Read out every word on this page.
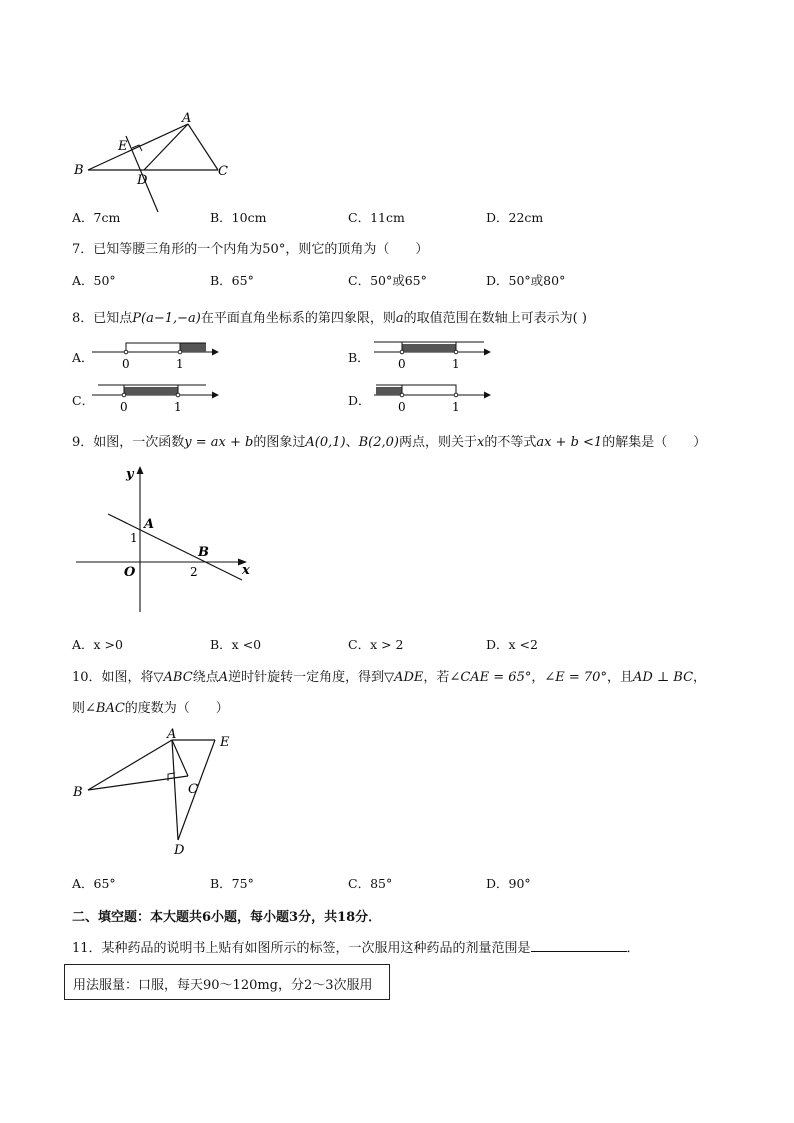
A
B	C
D
E
A．7cm	B．10cm	C．11cm	D．22cm
7．已知等腰三角形的一个内角为50°，则它的顶角为（　　）
A．50°	B．65°	C．50°或65°	D．50°或80°
8．已知点P(a−1,−a)在平面直角坐标系的第四象限，则a的取值范围在数轴上可表示为( )
A． 0	1	B． 0	1
C． 0	1	D． 0	1
9．如图，一次函数y = ax + b的图象过A(0,1)、B(2,0)两点，则关于x的不等式ax + b <1的解集是（　　）
y
x
O
A
B
1
2
A．x >0	B．x <0	C．x > 2	D．x <2
10．如图，将▽ABC绕点A逆时针旋转一定角度，得到▽ADE，若∠CAE = 65°，∠E = 70°，且AD ⊥ BC，
则∠BAC的度数为（　　）
A
B	C
D
E
A．65°	B．75°	C．85°	D．90°
二、填空题：本大题共6小题，每小题3分，共18分．
11．某种药品的说明书上贴有如图所示的标签，一次服用这种药品的剂量范围是	．
用法服量：口服，每天90～120mg，分2～3次服用
